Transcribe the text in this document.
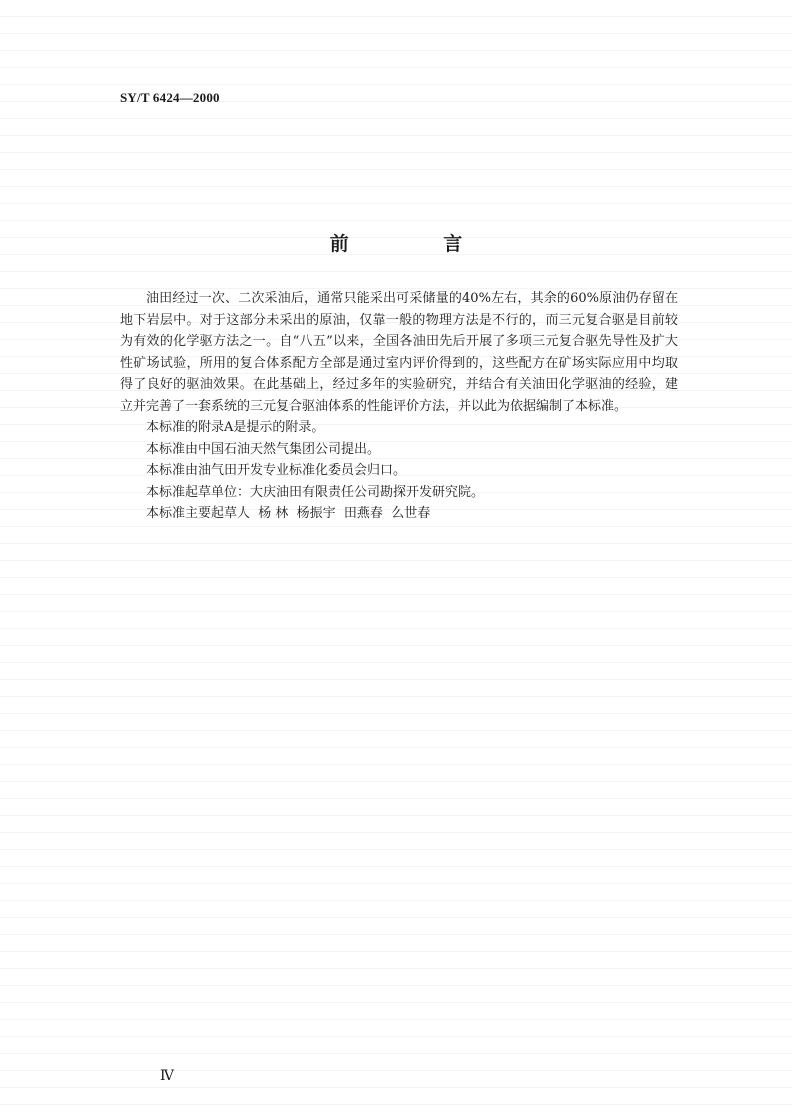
SY/T 6424—2000
前 言

油田经过一次、二次采油后，通常只能采出可采储量的40%左右，其余的60%原油仍存留在地下岩层中。对于这部分未采出的原油，仅靠一般的物理方法是不行的，而三元复合驱是目前较为有效的化学驱方法之一。自“八五”以来，全国各油田先后开展了多项三元复合驱先导性及扩大性矿场试验，所用的复合体系配方全部是通过室内评价得到的，这些配方在矿场实际应用中均取得了良好的驱油效果。在此基础上，经过多年的实验研究，并结合有关油田化学驱油的经验，建立并完善了一套系统的三元复合驱油体系的性能评价方法，并以此为依据编制了本标准。

本标准的附录A是提示的附录。

本标准由中国石油天然气集团公司提出。

本标准由油气田开发专业标准化委员会归口。

本标准起草单位：大庆油田有限责任公司勘探开发研究院。

本标准主要起草人  杨 林  杨振宇  田燕春  么世春

Ⅳ
